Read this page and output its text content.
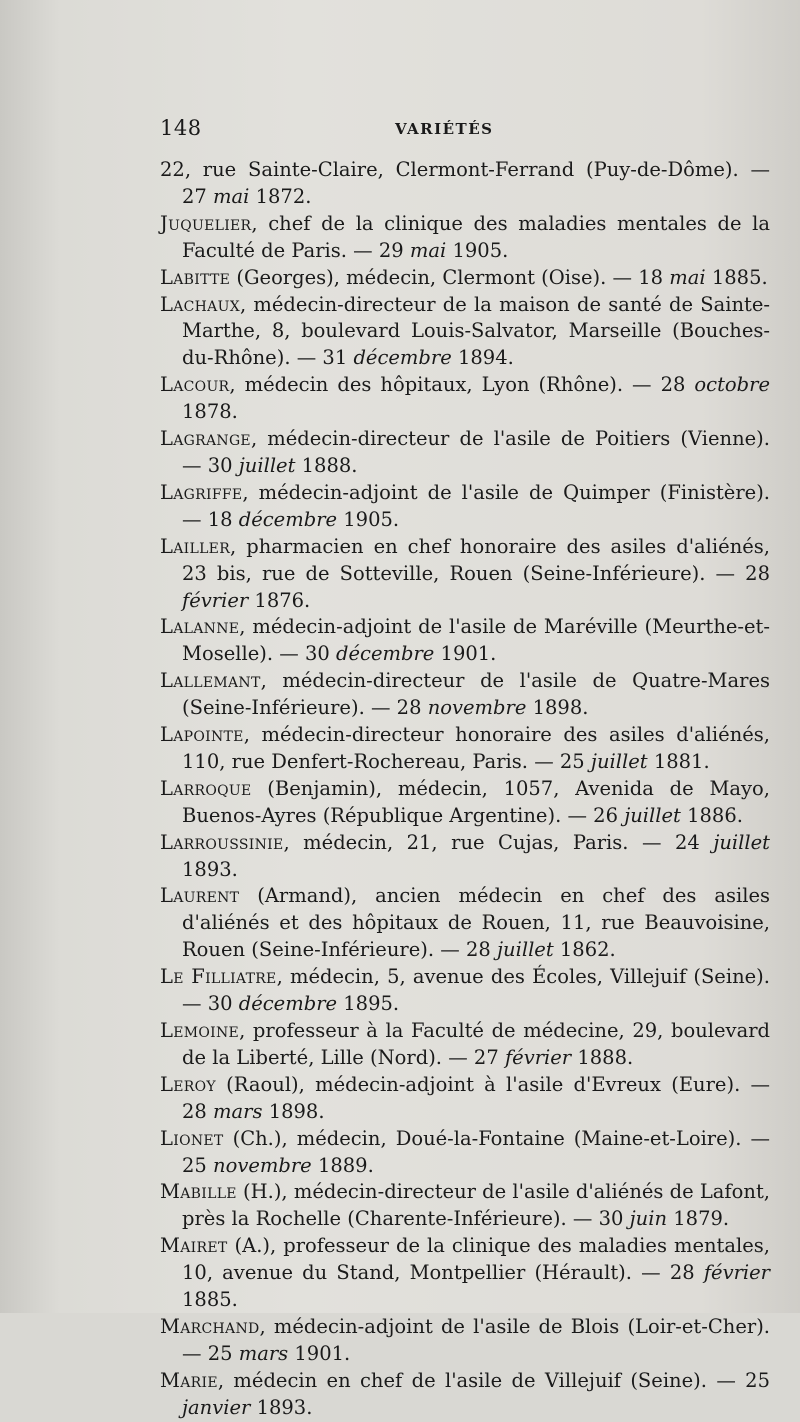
148	VARIÉTÉS

22, rue Sainte-Claire, Clermont-Ferrand (Puy-de-Dôme). — 27 mai 1872.

Juquelier, chef de la clinique des maladies mentales de la Faculté de Paris. — 29 mai 1905.

Labitte (Georges), médecin, Clermont (Oise). — 18 mai 1885.

Lachaux, médecin-directeur de la maison de santé de Sainte-Marthe, 8, boulevard Louis-Salvator, Marseille (Bouches-du-Rhône). — 31 décembre 1894.

Lacour, médecin des hôpitaux, Lyon (Rhône). — 28 octobre 1878.

Lagrange, médecin-directeur de l'asile de Poitiers (Vienne). — 30 juillet 1888.

Lagriffe, médecin-adjoint de l'asile de Quimper (Finistère). — 18 décembre 1905.

Lailler, pharmacien en chef honoraire des asiles d'aliénés, 23 bis, rue de Sotteville, Rouen (Seine-Inférieure). — 28 février 1876.

Lalanne, médecin-adjoint de l'asile de Maréville (Meurthe-et-Moselle). — 30 décembre 1901.

Lallemant, médecin-directeur de l'asile de Quatre-Mares (Seine-Inférieure). — 28 novembre 1898.

Lapointe, médecin-directeur honoraire des asiles d'aliénés, 110, rue Denfert-Rochereau, Paris. — 25 juillet 1881.

Larroque (Benjamin), médecin, 1057, Avenida de Mayo, Buenos-Ayres (République Argentine). — 26 juillet 1886.

Larroussinie, médecin, 21, rue Cujas, Paris. — 24 juillet 1893.

Laurent (Armand), ancien médecin en chef des asiles d'aliénés et des hôpitaux de Rouen, 11, rue Beauvoisine, Rouen (Seine-Inférieure). — 28 juillet 1862.

Le Filliatre, médecin, 5, avenue des Écoles, Villejuif (Seine). — 30 décembre 1895.

Lemoine, professeur à la Faculté de médecine, 29, boulevard de la Liberté, Lille (Nord). — 27 février 1888.

Leroy (Raoul), médecin-adjoint à l'asile d'Evreux (Eure). — 28 mars 1898.

Lionet (Ch.), médecin, Doué-la-Fontaine (Maine-et-Loire). — 25 novembre 1889.

Mabille (H.), médecin-directeur de l'asile d'aliénés de Lafont, près la Rochelle (Charente-Inférieure). — 30 juin 1879.

Mairet (A.), professeur de la clinique des maladies mentales, 10, avenue du Stand, Montpellier (Hérault). — 28 février 1885.

Marchand, médecin-adjoint de l'asile de Blois (Loir-et-Cher). — 25 mars 1901.

Marie, médecin en chef de l'asile de Villejuif (Seine). — 25 janvier 1893.
